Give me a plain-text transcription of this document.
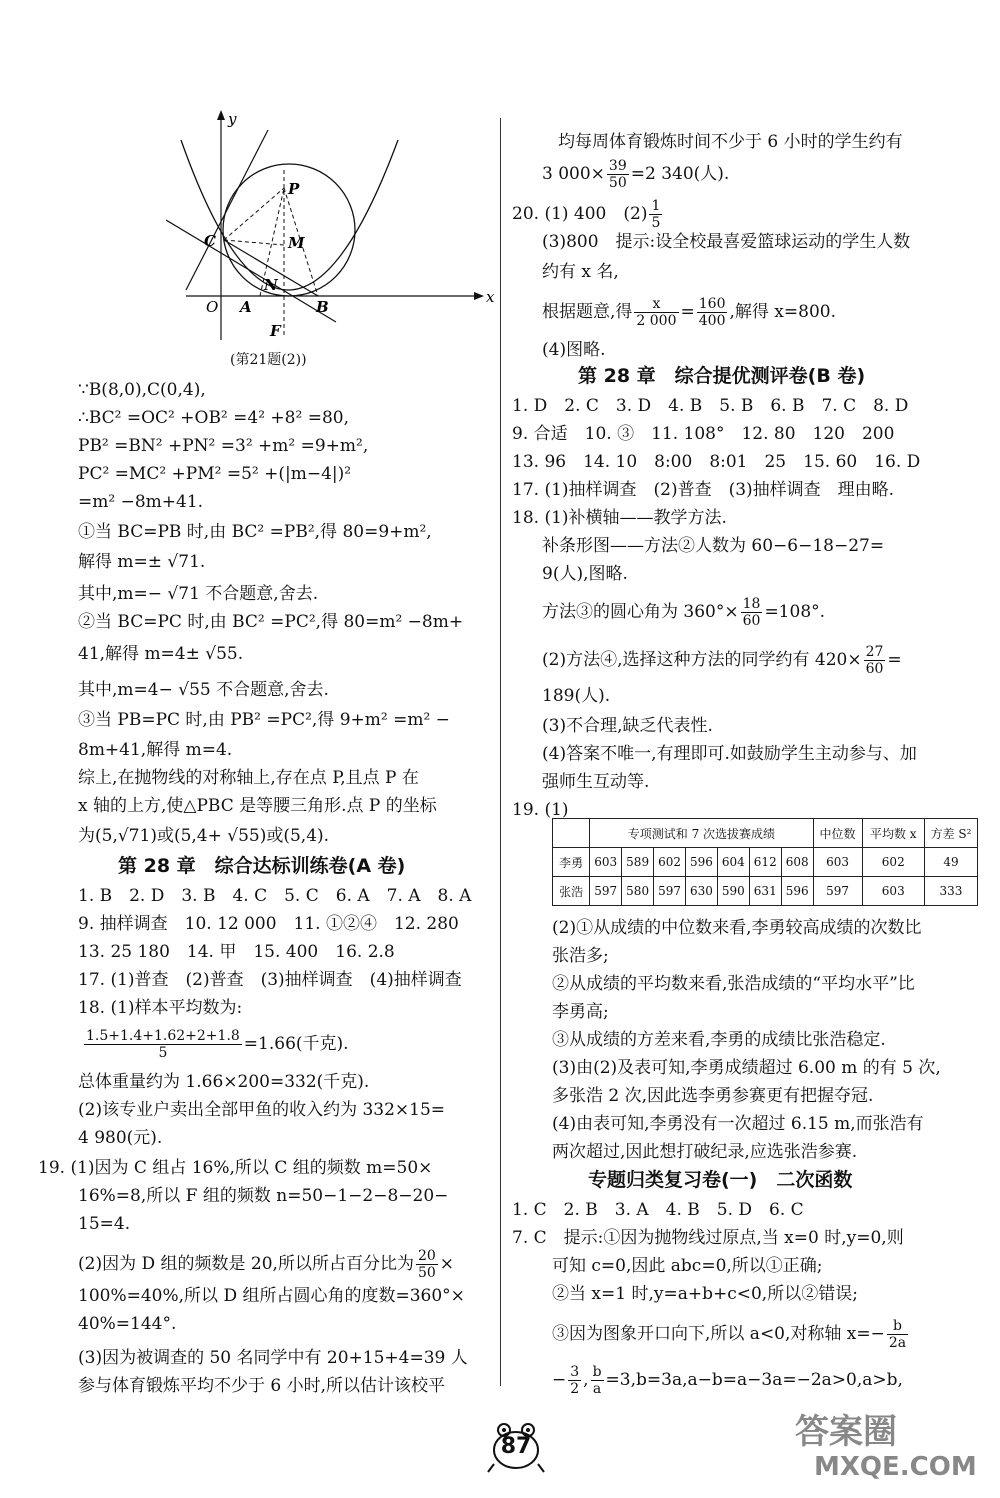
y
x
O
P
C	M
N
A	B
F
(第21题(2))
∵B(8,0),C(0,4),
∴BC² =OC² +OB² =4² +8² =80,
PB² =BN² +PN² =3² +m² =9+m²,
PC² =MC² +PM² =5² +(|m−4|)²
=m² −8m+41.
①当 BC=PB 时,由 BC² =PB²,得 80=9+m²,
解得 m=± √71.
其中,m=− √71 不合题意,舍去.
②当 BC=PC 时,由 BC² =PC²,得 80=m² −8m+
41,解得 m=4± √55.
其中,m=4− √55 不合题意,舍去.
③当 PB=PC 时,由 PB² =PC²,得 9+m² =m² −
8m+41,解得 m=4.
综上,在抛物线的对称轴上,存在点 P,且点 P 在
x 轴的上方,使△PBC 是等腰三角形.点 P 的坐标
为(5,√71)或(5,4+ √55)或(5,4).
第 28 章　综合达标训练卷(A 卷)
1. B　2. D　3. B　4. C　5. C　6. A　7. A　8. A
9. 抽样调查　10. 12 000　11. ①②④　12. 280
13. 25 180　14. 甲　15. 400　16. 2.8
17. (1)普查　(2)普查　(3)抽样调查　(4)抽样调查
18. (1)样本平均数为:
$\frac{1.5+1.4+1.62+2+1.8}{5} =1.66$(千克).
总体重量约为 1.66×200=332(千克).
(2)该专业户卖出全部甲鱼的收入约为 332×15=
4 980(元).
19. (1)因为 C 组占 16%,所以 C 组的频数 m=50×
16%=8,所以 F 组的频数 n=50−1−2−8−20−
15=4.
(2)因为 D 组的频数是 20,所以所占百分比为 $\frac{20}{50}$ ×
100%=40%,所以 D 组所占圆心角的度数=360°×
40%=144°.
(3)因为被调查的 50 名同学中有 20+15+4=39 人
参与体育锻炼平均不少于 6 小时,所以估计该校平
均每周体育锻炼时间不少于 6 小时的学生约有
3 $000\times \frac{39}{50} =2$ 340(人).
20. (1) 400　$(2) \frac{1}{5}$
(3)800　提示:设全校最喜爱篮球运动的学生人数
约有 x 名,
根据题意,得 $\frac{x}{2 000} = \frac{160}{400}$ ,解得 x=800.
(4)图略.
第 28 章　综合提优测评卷(B 卷)
1. D　2. C　3. D　4. B　5. B　6. B　7. C　8. D
9. 合适　10. ③　11. 108°　12. 80　120　200
13. 96　14. 10　8:00　8:01　25　15. 60　16. D
17. (1)抽样调查　(2)普查　(3)抽样调查　理由略.
18. (1)补横轴——教学方法.
补条形图——方法②人数为 60−6−18−27=
9(人),图略.
方法③的圆心角为 $360^\circ\times \frac{18}{60} =108^\circ$.
(2)方法④,选择这种方法的同学约有 $420\times \frac{27}{60}$ =
189(人).
(3)不合理,缺乏代表性.
(4)答案不唯一,有理即可.如鼓励学生主动参与、加
强师生互动等.
19. (1)
	专项测试和 7 次选拔赛成绩							中位数	平均数 x	方差 S²
李勇	603	589	602	596	604	612	608	603	602	49
张浩	597	580	597	630	590	631	596	597	603	333
(2)①从成绩的中位数来看,李勇较高成绩的次数比
张浩多;
②从成绩的平均数来看,张浩成绩的“平均水平”比
李勇高;
③从成绩的方差来看,李勇的成绩比张浩稳定.
(3)由(2)及表可知,李勇成绩超过 6.00 m 的有 5 次,
多张浩 2 次,因此选李勇参赛更有把握夺冠.
(4)由表可知,李勇没有一次超过 6.15 m,而张浩有
两次超过,因此想打破纪录,应选张浩参赛.
专题归类复习卷(一)　二次函数
1. C　2. B　3. A　4. B　5. D　6. C
7. C　提示:①因为抛物线过原点,当 x=0 时,y=0,则
可知 c=0,因此 abc=0,所以①正确;
②当 x=1 时,y=a+b+c<0,所以②错误;
③因为图象开口向下,所以 a<0,对称轴 $x=- \frac{b}{2a}$
− $\frac{3}{2}$ , $\frac{b}{a} =3,b=3a,a-b=a-3a=-2a>0,a>b$,
87	答案圈
MXQE.COM
